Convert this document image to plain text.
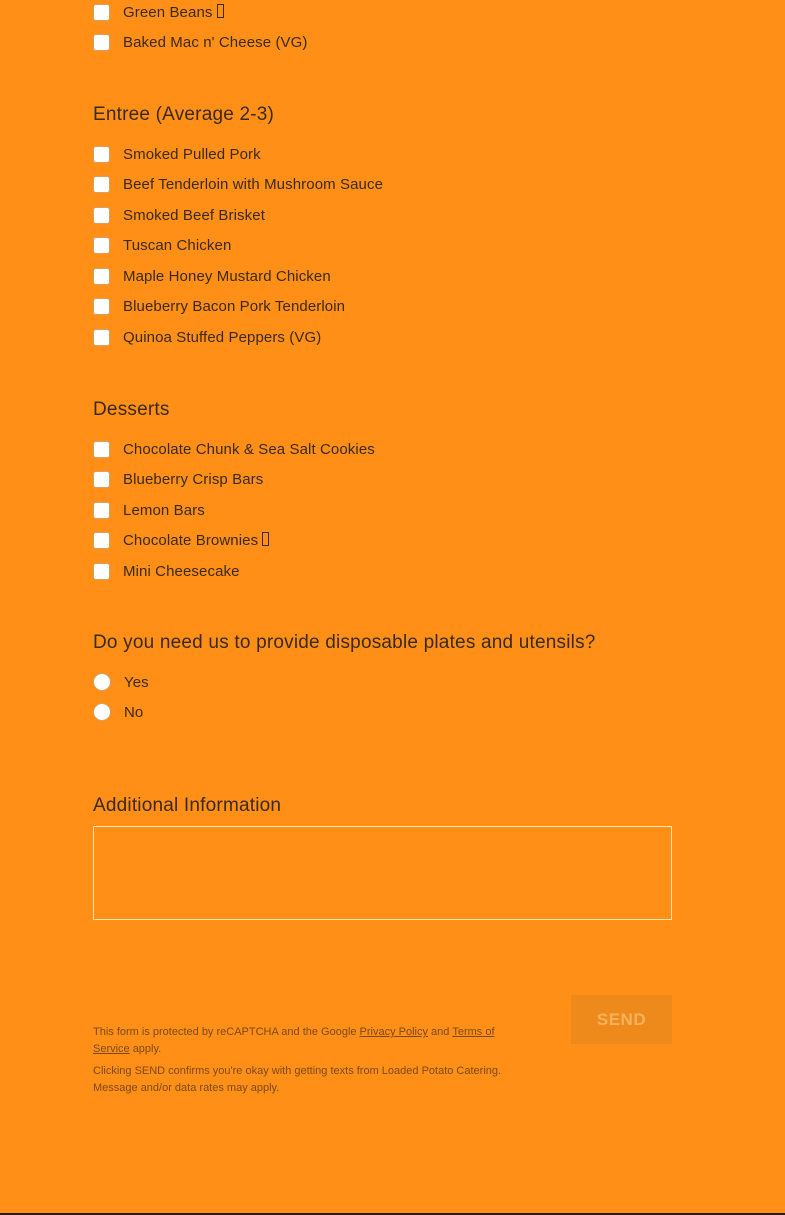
Green Beans
Baked Mac n' Cheese (VG)
Entree (Average 2-3)
Smoked Pulled Pork
Beef Tenderloin with Mushroom Sauce
Smoked Beef Brisket
Tuscan Chicken
Maple Honey Mustard Chicken
Blueberry Bacon Pork Tenderloin
Quinoa Stuffed Peppers (VG)
Desserts
Chocolate Chunk & Sea Salt Cookies
Blueberry Crisp Bars
Lemon Bars
Chocolate Brownies
Mini Cheesecake
Do you need us to provide disposable plates and utensils?
Yes
No
Additional Information
This form is protected by reCAPTCHA and the Google Privacy Policy and Terms of
Service apply.
Clicking SEND confirms you're okay with getting texts from Loaded Potato Catering.
Message and/or data rates may apply.
SEND
